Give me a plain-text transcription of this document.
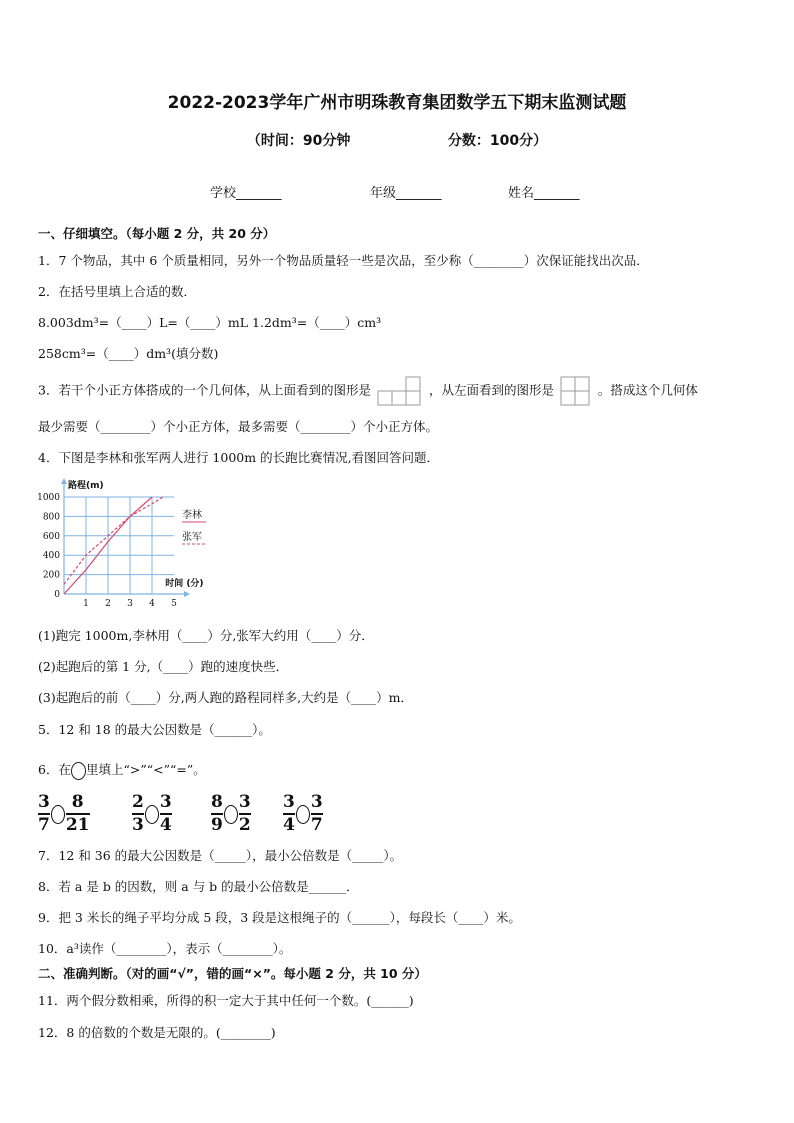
2022-2023学年广州市明珠教育集团数学五下期末监测试题
（时间：90分钟                    分数：100分）
学校_______	年级_______	姓名_______
一、仔细填空。（每小题 2 分，共 20 分）
1．7 个物品，其中 6 个质量相同，另外一个物品质量轻一些是次品，至少称（________）次保证能找出次品．
2．在括号里填上合适的数．
8.003dm³=（____）L=（____）mL 1.2dm³=（____）cm³
258cm³=（____）dm³(填分数)
3．若干个小正方体搭成的一个几何体，从上面看到的图形是	，从左面看到的图形是	。搭成这个几何体
最少需要（________）个小正方体，最多需要（________）个小正方体。
4．下图是李林和张军两人进行 1000m 的长跑比赛情况,看图回答问题．
0
200
400
600
800
1000
1 2 3 4 5
路程(m)
时间 (分)
李林
张军
(1)跑完 1000m,李林用（____）分,张军大约用（____）分．
(2)起跑后的第 1 分,（____）跑的速度快些．
(3)起跑后的前（____）分,两人跑的路程同样多,大约是（____）m．
5．12 和 18 的最大公因数是（______）。
6．在 里填上“>”“<”“=”。
$\frac{3}{7} \frac{8}{21} \frac{2}{3} \frac{3}{4} \frac{8}{9} \frac{3}{2} \frac{3}{4} \frac{3}{7}$
7．12 和 36 的最大公因数是（_____），最小公倍数是（_____）。
8．若 a 是 b 的因数，则 a 与 b 的最小公倍数是______．
9．把 3 米长的绳子平均分成 5 段，3 段是这根绳子的（______），每段长（____）米。
10．a³读作（________），表示（________）。
二、准确判断。（对的画“√”，错的画“×”。每小题 2 分，共 10 分）
11．两个假分数相乘，所得的积一定大于其中任何一个数。(______)
12．8 的倍数的个数是无限的。(________)
